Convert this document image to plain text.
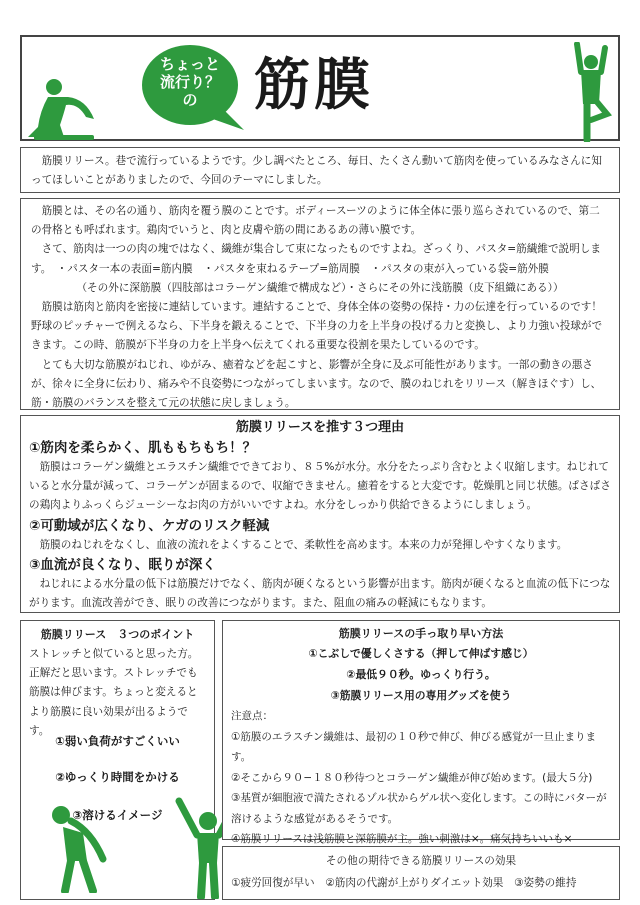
ちょっと
流行り？
の	筋膜

筋膜リリース。巷で流行っているようです。少し調べたところ、毎日、たくさん動いて筋肉を使っているみなさんに知ってほしいことがありましたので、今回のテーマにしました。

筋膜とは、その名の通り、筋肉を覆う膜のことです。ボディースーツのように体全体に張り巡らされているので、第二の骨格とも呼ばれます。鶏肉でいうと、肉と皮膚や筋の間にあるあの薄い膜です。

さて、筋肉は一つの肉の塊ではなく、繊維が集合して束になったものですよね。ざっくり、パスタ=筋繊維で説明します。　・パスタ一本の表面=筋内膜　・パスタを束ねるテープ=筋周膜　・パスタの束が入っている袋=筋外膜

（その外に深筋膜（四肢部はコラーゲン繊維で構成など）・さらにその外に浅筋膜（皮下組織にある））

筋膜は筋肉と筋肉を密接に連結しています。連結することで、身体全体の姿勢の保持・力の伝達を行っているのです！野球のピッチャーで例えるなら、下半身を鍛えることで、下半身の力を上半身の投げる力と変換し、より力強い投球ができます。この時、筋膜が下半身の力を上半身へ伝えてくれる重要な役割を果たしているのです。

とても大切な筋膜がねじれ、ゆがみ、癒着などを起こすと、影響が全身に及ぶ可能性があります。一部の動きの悪さが、徐々に全身に伝わり、痛みや不良姿勢につながってしまいます。なので、膜のねじれをリリース（解きほぐす）し、筋・筋膜のバランスを整えて元の状態に戻しましょう。

筋膜リリースを推す３つ理由

①筋肉を柔らかく、肌ももちもち！？

筋膜はコラーゲン繊維とエラスチン繊維でできており、８５%が水分。水分をたっぷり含むとよく収縮します。ねじれていると水分量が減って、コラーゲンが固まるので、収縮できません。癒着をすると大変です。乾燥肌と同じ状態。ぱさぱさの鶏肉よりふっくらジューシーなお肉の方がいいですよね。水分をしっかり供給できるようにしましょう。

②可動域が広くなり、ケガのリスク軽減

筋膜のねじれをなくし、血液の流れをよくすることで、柔軟性を高めます。本来の力が発揮しやすくなります。

③血流が良くなり、眠りが深く

ねじれによる水分量の低下は筋膜だけでなく、筋肉が硬くなるという影響が出ます。筋肉が硬くなると血流の低下につながります。血流改善ができ、眠りの改善につながります。また、阻血の痛みの軽減にもなります。

筋膜リリース　３つのポイント

ストレッチと似ていると思った方。正解だと思います。ストレッチでも筋膜は伸びます。ちょっと変えるとより筋膜に良い効果が出るようです。

①弱い負荷がすごくいい
②ゆっくり時間をかける
③溶けるイメージ
筋膜リリースの手っ取り早い方法

①こぶしで優しくさする（押して伸ばす感じ）

②最低９０秒。ゆっくり行う。

③筋膜リリース用の専用グッズを使う

注意点：

①筋膜のエラスチン繊維は、最初の１０秒で伸び、伸びる感覚が一旦止まります。

②そこから９０−１８０秒待つとコラーゲン繊維が伸び始めます。(最大５分)

③基質が細胞液で満たされるゾル状からゲル状へ変化します。この時にバターが溶けるような感覚があるそうです。

④筋膜リリースは浅筋膜と深筋膜が主。強い刺激は×。痛気持ちいいも×

その他の期待できる筋膜リリースの効果
①疲労回復が早い　②筋肉の代謝が上がりダイエット効果　③姿勢の維持
